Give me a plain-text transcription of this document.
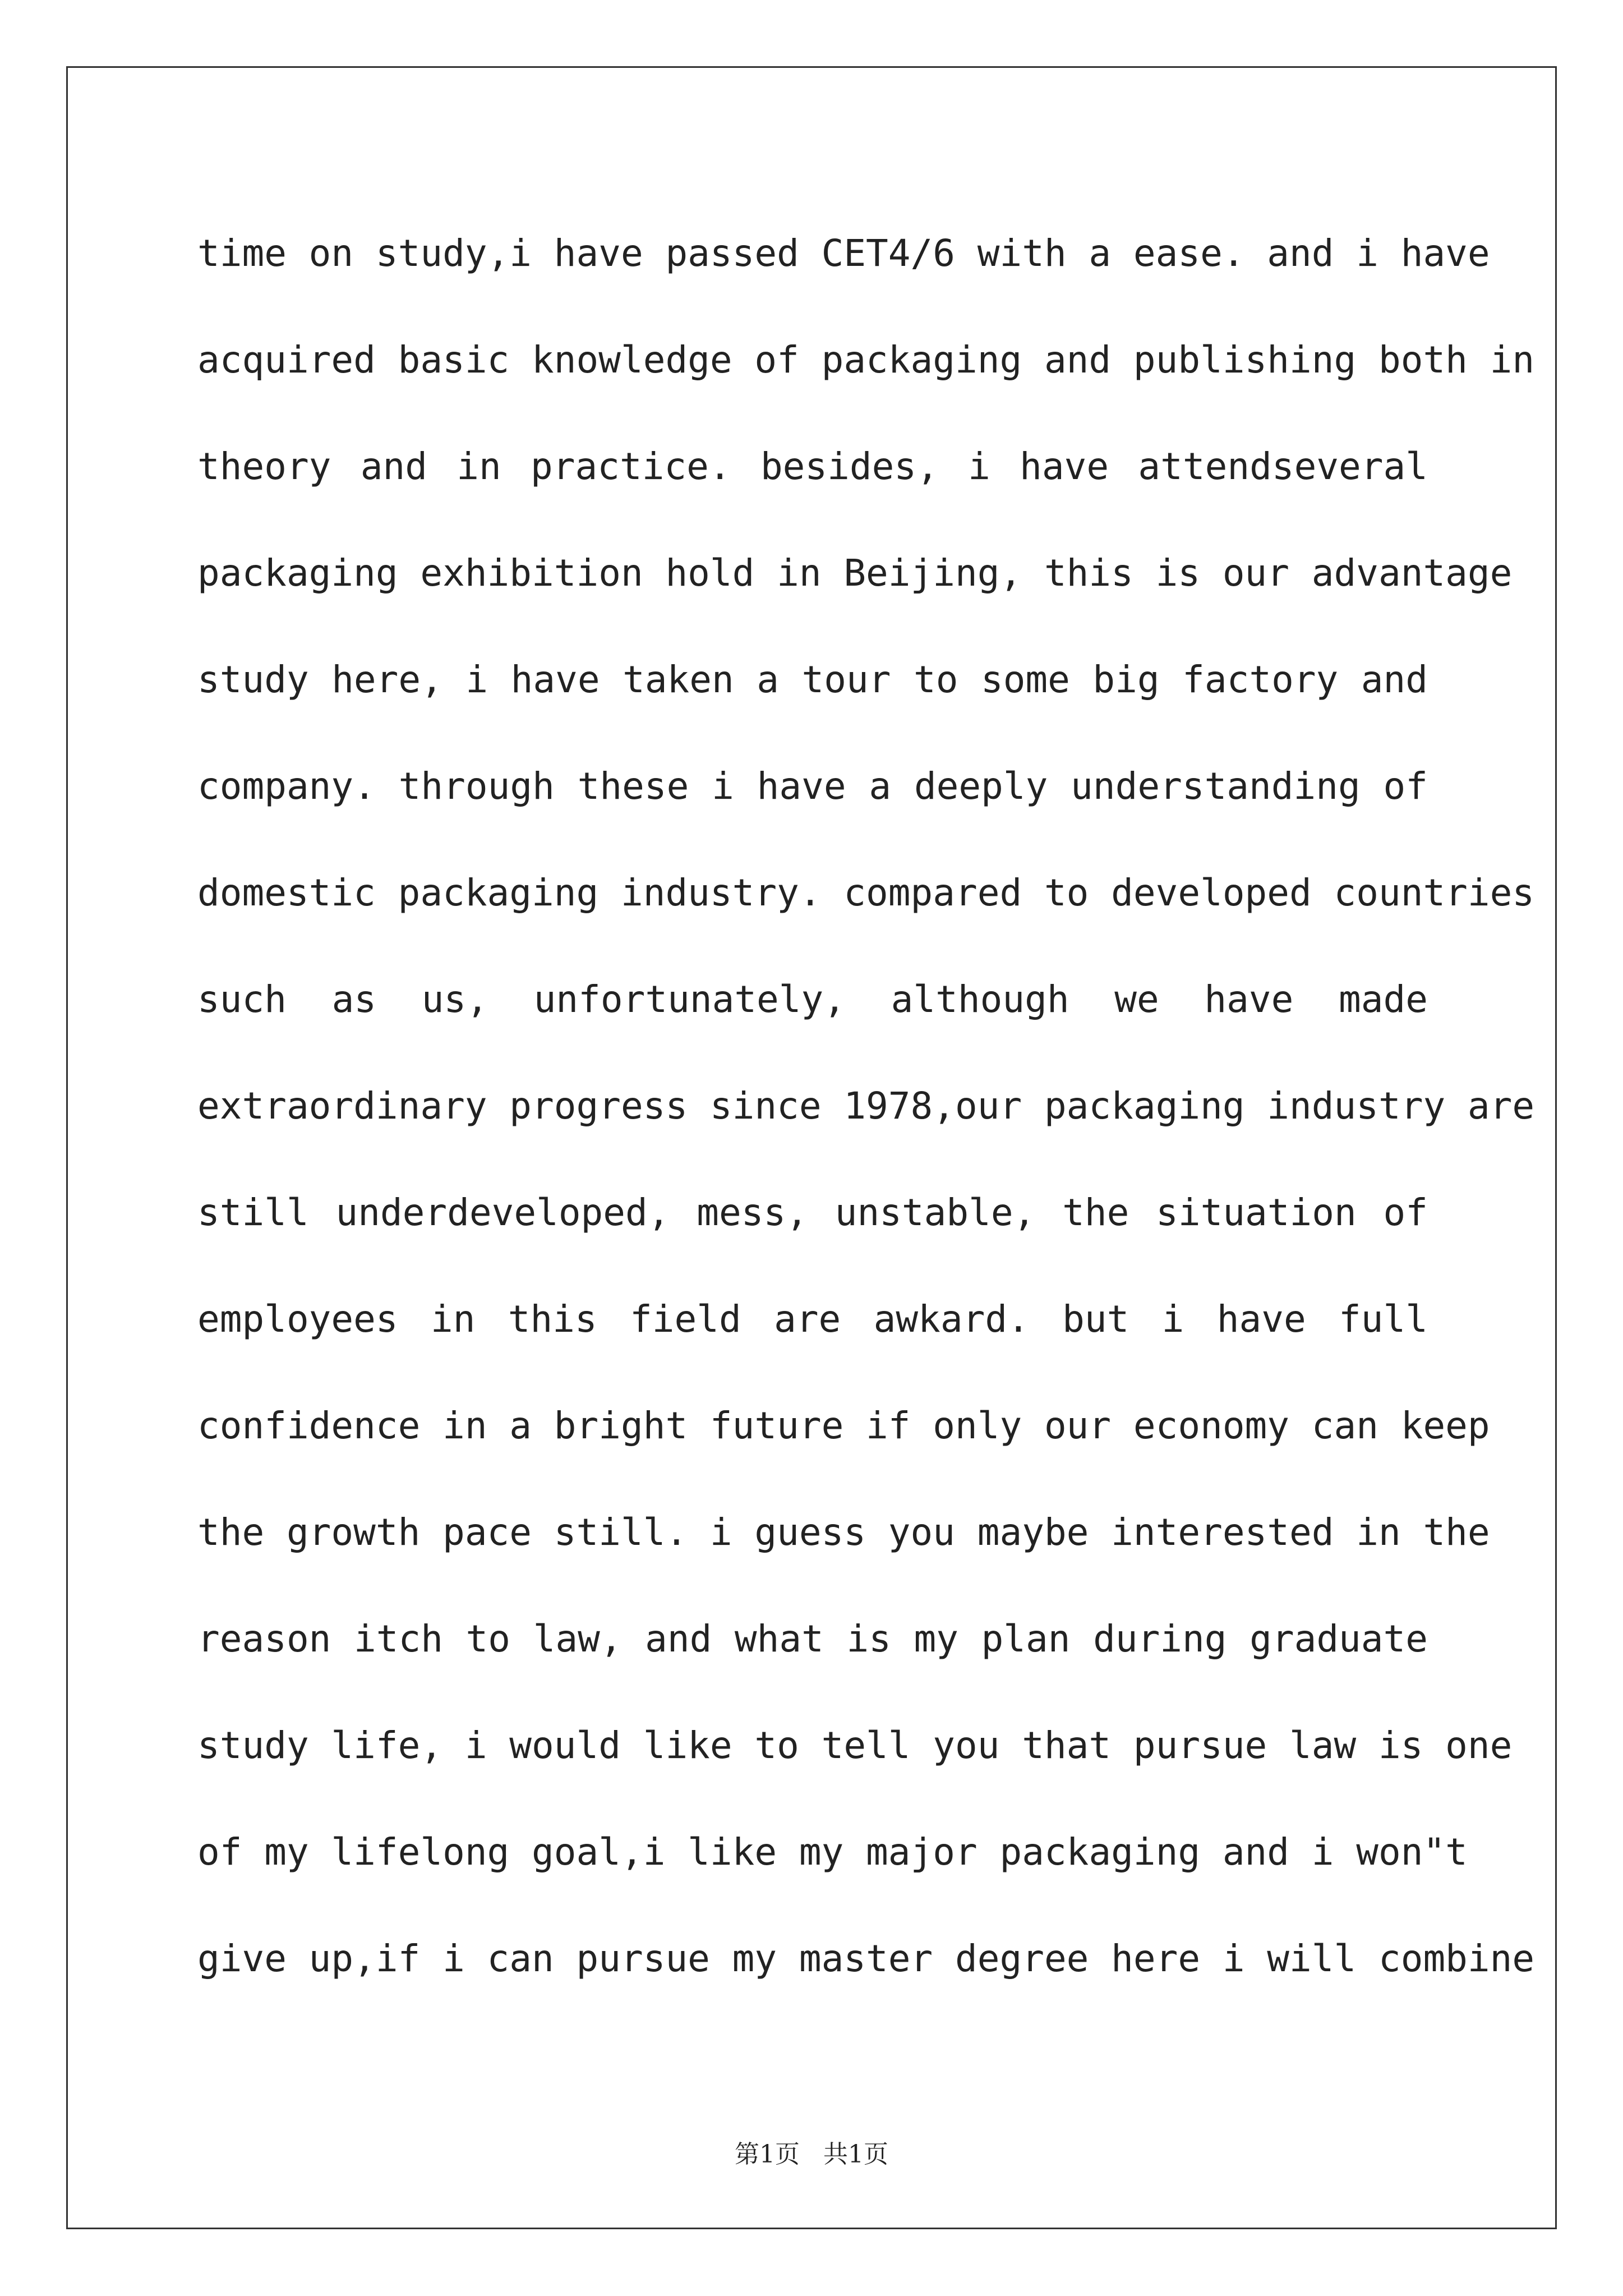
time on study,i have passed CET4/6 with a ease. and i have
acquired basic knowledge of packaging and publishing both in
theory and in practice. besides, i have attendseveral
packaging exhibition hold in Beijing, this is our advantage
study here, i have taken a tour to some big factory and
company. through these i have a deeply understanding of
domestic packaging industry. compared to developed countries
such as us, unfortunately, although we have made
extraordinary progress since 1978,our packaging industry are
still underdeveloped, mess, unstable, the situation of
employees in this field are awkard. but i have full
confidence in a bright future if only our economy can keep
the growth pace still. i guess you maybe interested in the
reason itch to law, and what is my plan during graduate
study life, i would like to tell you that pursue law is one
of my lifelong goal,i like my major packaging and i won"t
give up,if i can pursue my master degree here i will combine
第1页   共1页
